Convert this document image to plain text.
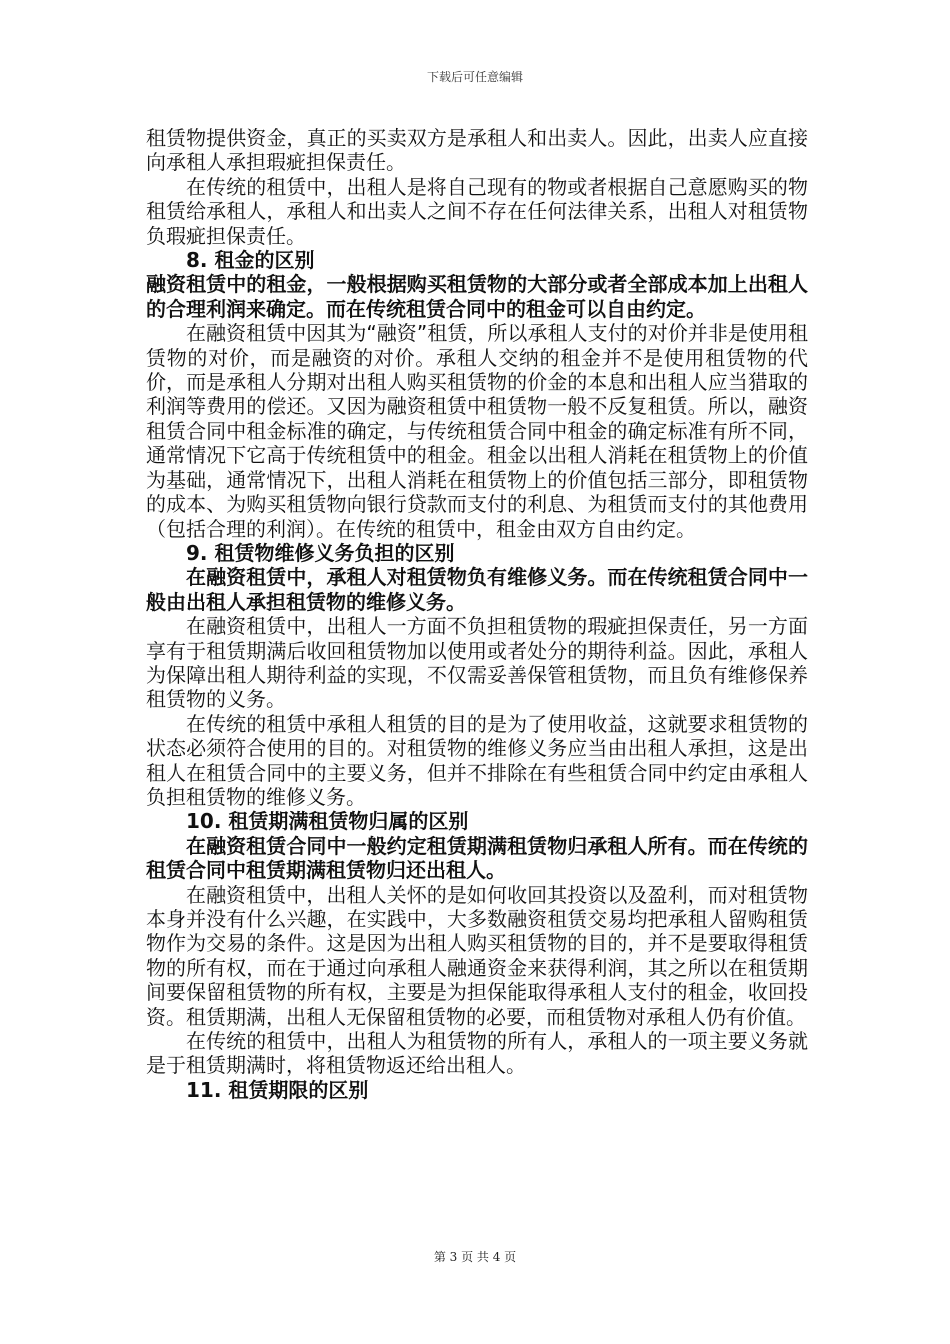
下载后可任意编辑

租赁物提供资金，真正的买卖双方是承租人和出卖人。因此，出卖人应直接向承租人承担瑕疵担保责任。

在传统的租赁中，出租人是将自己现有的物或者根据自己意愿购买的物租赁给承租人，承租人和出卖人之间不存在任何法律关系，出租人对租赁物负瑕疵担保责任。

8. 租金的区别

融资租赁中的租金，一般根据购买租赁物的大部分或者全部成本加上出租人的合理利润来确定。而在传统租赁合同中的租金可以自由约定。

在融资租赁中因其为“融资”租赁，所以承租人支付的对价并非是使用租赁物的对价，而是融资的对价。承租人交纳的租金并不是使用租赁物的代价，而是承租人分期对出租人购买租赁物的价金的本息和出租人应当猎取的利润等费用的偿还。又因为融资租赁中租赁物一般不反复租赁。所以，融资租赁合同中租金标准的确定，与传统租赁合同中租金的确定标准有所不同，通常情况下它高于传统租赁中的租金。租金以出租人消耗在租赁物上的价值为基础，通常情况下，出租人消耗在租赁物上的价值包括三部分，即租赁物的成本、为购买租赁物向银行贷款而支付的利息、为租赁而支付的其他费用（包括合理的利润）。在传统的租赁中，租金由双方自由约定。

9. 租赁物维修义务负担的区别

在融资租赁中，承租人对租赁物负有维修义务。而在传统租赁合同中一般由出租人承担租赁物的维修义务。

在融资租赁中，出租人一方面不负担租赁物的瑕疵担保责任，另一方面享有于租赁期满后收回租赁物加以使用或者处分的期待利益。因此，承租人为保障出租人期待利益的实现，不仅需妥善保管租赁物，而且负有维修保养租赁物的义务。

在传统的租赁中承租人租赁的目的是为了使用收益，这就要求租赁物的状态必须符合使用的目的。对租赁物的维修义务应当由出租人承担，这是出租人在租赁合同中的主要义务，但并不排除在有些租赁合同中约定由承租人负担租赁物的维修义务。

10. 租赁期满租赁物归属的区别

在融资租赁合同中一般约定租赁期满租赁物归承租人所有。而在传统的租赁合同中租赁期满租赁物归还出租人。

在融资租赁中，出租人关怀的是如何收回其投资以及盈利，而对租赁物本身并没有什么兴趣，在实践中，大多数融资租赁交易均把承租人留购租赁物作为交易的条件。这是因为出租人购买租赁物的目的，并不是要取得租赁物的所有权，而在于通过向承租人融通资金来获得利润，其之所以在租赁期间要保留租赁物的所有权，主要是为担保能取得承租人支付的租金，收回投资。租赁期满，出租人无保留租赁物的必要，而租赁物对承租人仍有价值。

在传统的租赁中，出租人为租赁物的所有人，承租人的一项主要义务就是于租赁期满时，将租赁物返还给出租人。

11. 租赁期限的区别

第 3 页 共 4 页
